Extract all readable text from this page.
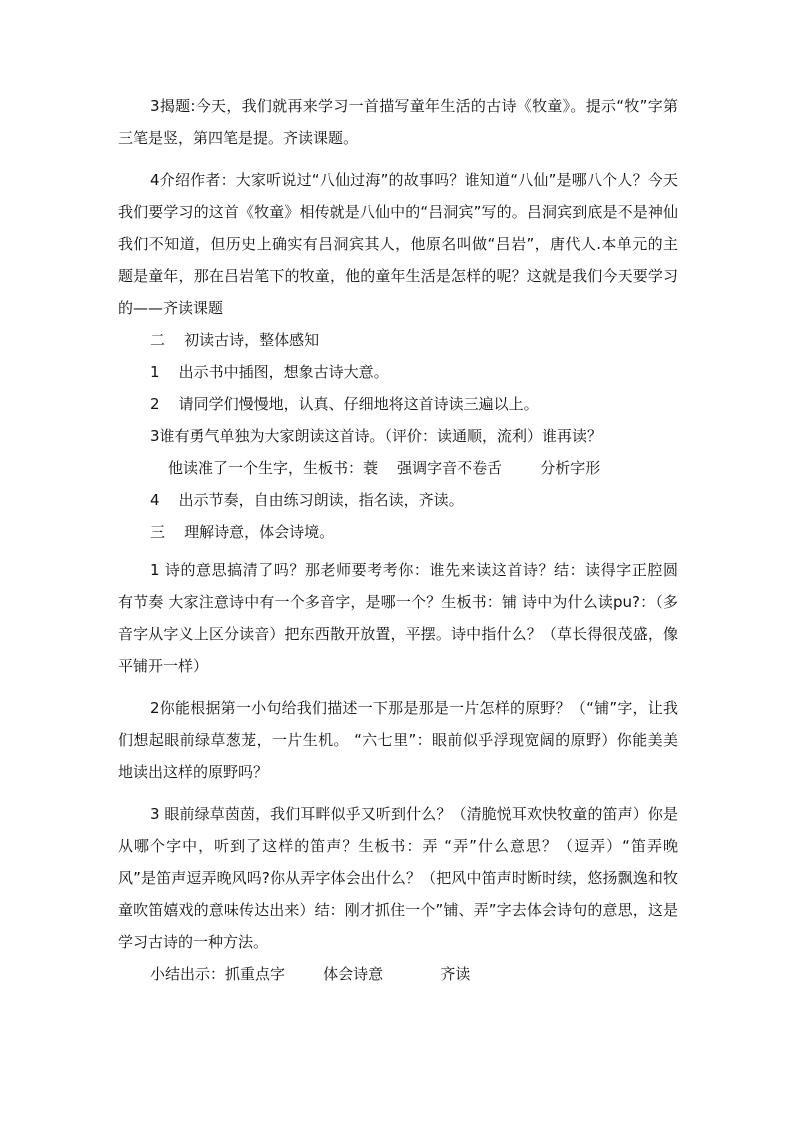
3揭题:今天，我们就再来学习一首描写童年生活的古诗《牧童》。提示“牧”字第三笔是竖，第四笔是提。齐读课题。

4介绍作者：大家听说过“八仙过海”的故事吗？谁知道“八仙”是哪八个人？今天我们要学习的这首《牧童》相传就是八仙中的“吕洞宾”写的。吕洞宾到底是不是神仙我们不知道，但历史上确实有吕洞宾其人，他原名叫做“吕岩”，唐代人.本单元的主题是童年，那在吕岩笔下的牧童，他的童年生活是怎样的呢？这就是我们今天要学习的——齐读课题

二    初读古诗，整体感知

1    出示书中插图，想象古诗大意。

2    请同学们慢慢地，认真、仔细地将这首诗读三遍以上。

3谁有勇气单独为大家朗读这首诗。（评价：读通顺，流利）谁再读？

他读准了一个生字，生板书：蓑    强调字音不卷舌        分析字形

4    出示节奏，自由练习朗读，指名读，齐读。

三    理解诗意，体会诗境。

1 诗的意思搞清了吗？那老师要考考你：谁先来读这首诗？结：读得字正腔圆 有节奏 大家注意诗中有一个多音字，是哪一个？生板书：铺 诗中为什么读pu?：（多音字从字义上区分读音）把东西散开放置，平摆。诗中指什么？（草长得很茂盛，像平铺开一样）

2你能根据第一小句给我们描述一下那是那是一片怎样的原野？（“铺”字，让我们想起眼前绿草葱茏，一片生机。 “六七里”：眼前似乎浮现宽阔的原野）你能美美地读出这样的原野吗？

3 眼前绿草茵茵，我们耳畔似乎又听到什么？（清脆悦耳欢快牧童的笛声）你是从哪个字中，听到了这样的笛声？生板书：弄 “弄”什么意思？（逗弄）“笛弄晚风”是笛声逗弄晚风吗?你从弄字体会出什么？（把风中笛声时断时续，悠扬飘逸和牧童吹笛嬉戏的意味传达出来）结：刚才抓住一个”铺、弄”字去体会诗句的意思，这是学习古诗的一种方法。

小结出示：抓重点字        体会诗意            齐读
